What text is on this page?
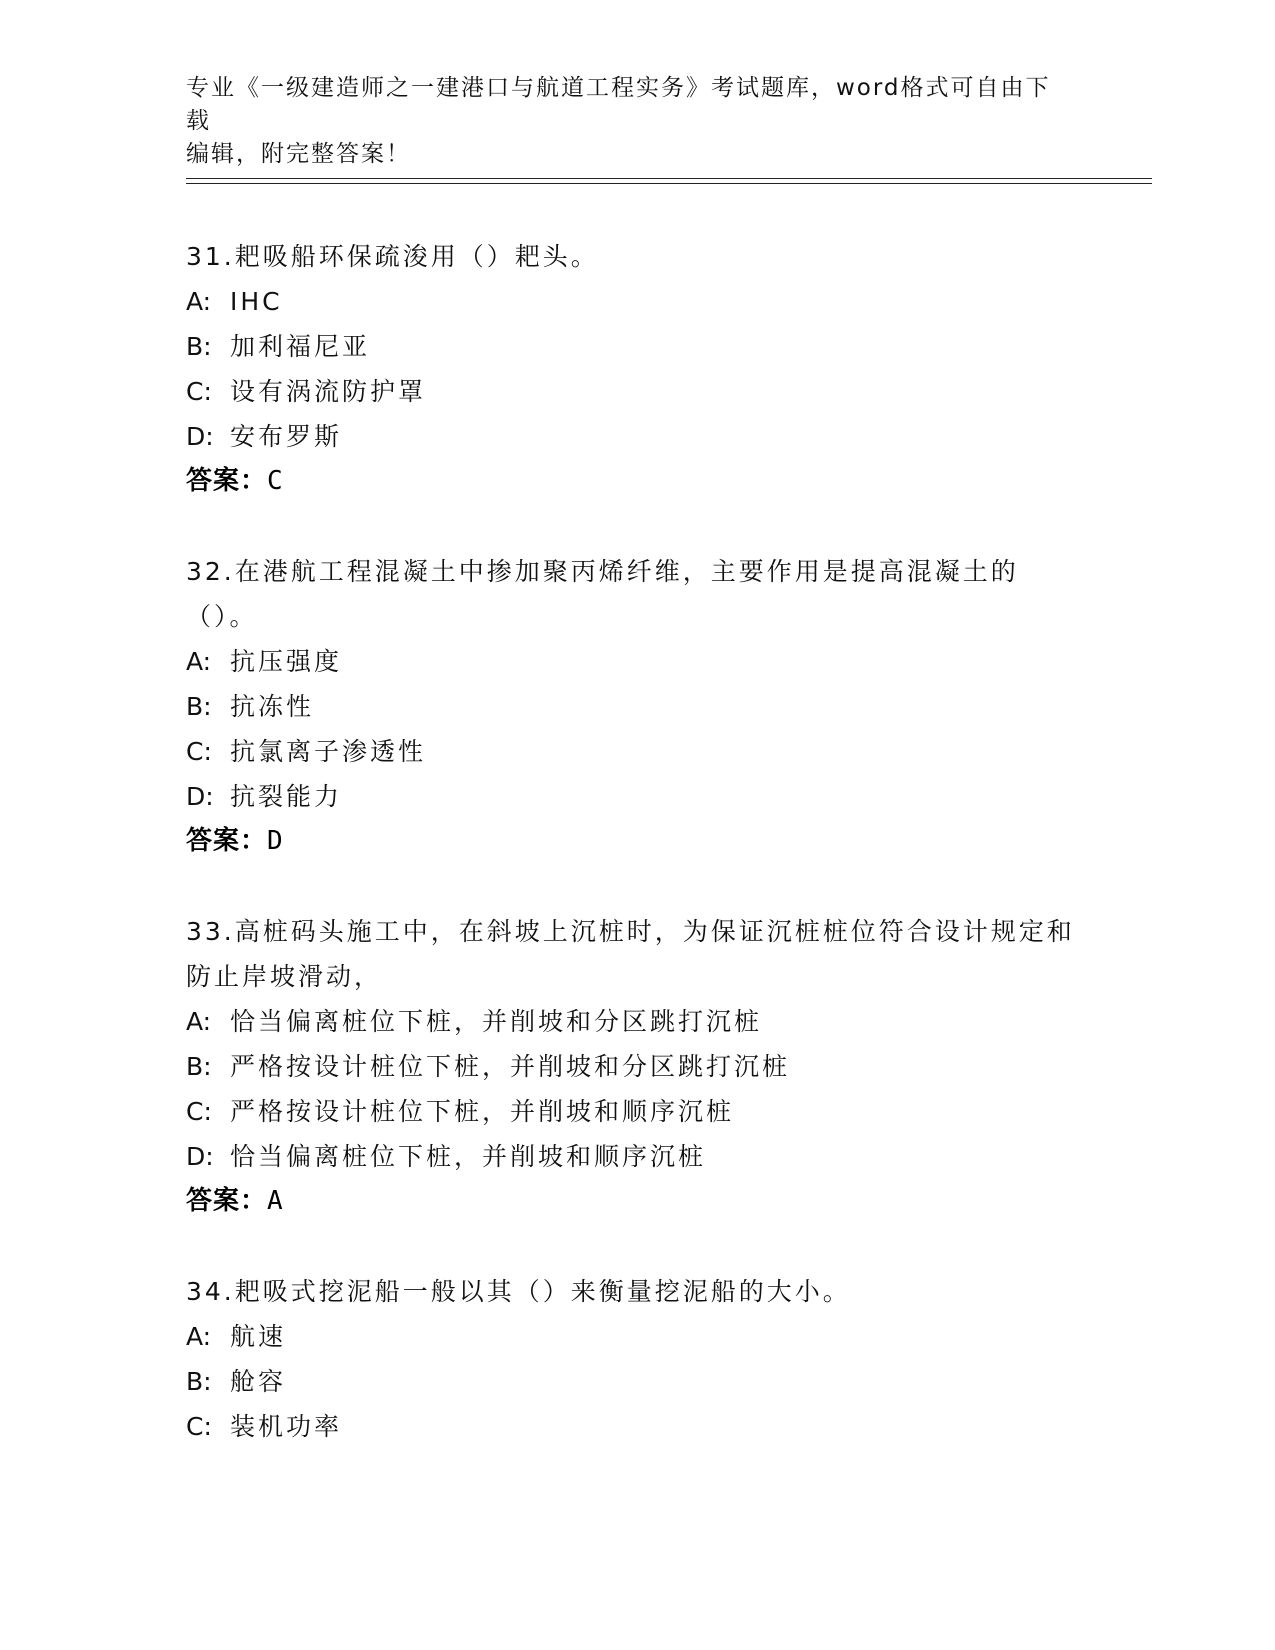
专业《一级建造师之一建港口与航道工程实务》考试题库，word格式可自由下载
编辑，附完整答案！
31.耙吸船环保疏浚用（）耙头。
A: IHC
B: 加利福尼亚
C: 设有涡流防护罩
D: 安布罗斯
答案：C
32.在港航工程混凝土中掺加聚丙烯纤维，主要作用是提高混凝土的（）。
A: 抗压强度
B: 抗冻性
C: 抗氯离子渗透性
D: 抗裂能力
答案：D
33.高桩码头施工中，在斜坡上沉桩时，为保证沉桩桩位符合设计规定和防止岸坡滑动，
A: 恰当偏离桩位下桩，并削坡和分区跳打沉桩
B: 严格按设计桩位下桩，并削坡和分区跳打沉桩
C: 严格按设计桩位下桩，并削坡和顺序沉桩
D: 恰当偏离桩位下桩，并削坡和顺序沉桩
答案：A
34.耙吸式挖泥船一般以其（）来衡量挖泥船的大小。
A: 航速
B: 舱容
C: 装机功率
